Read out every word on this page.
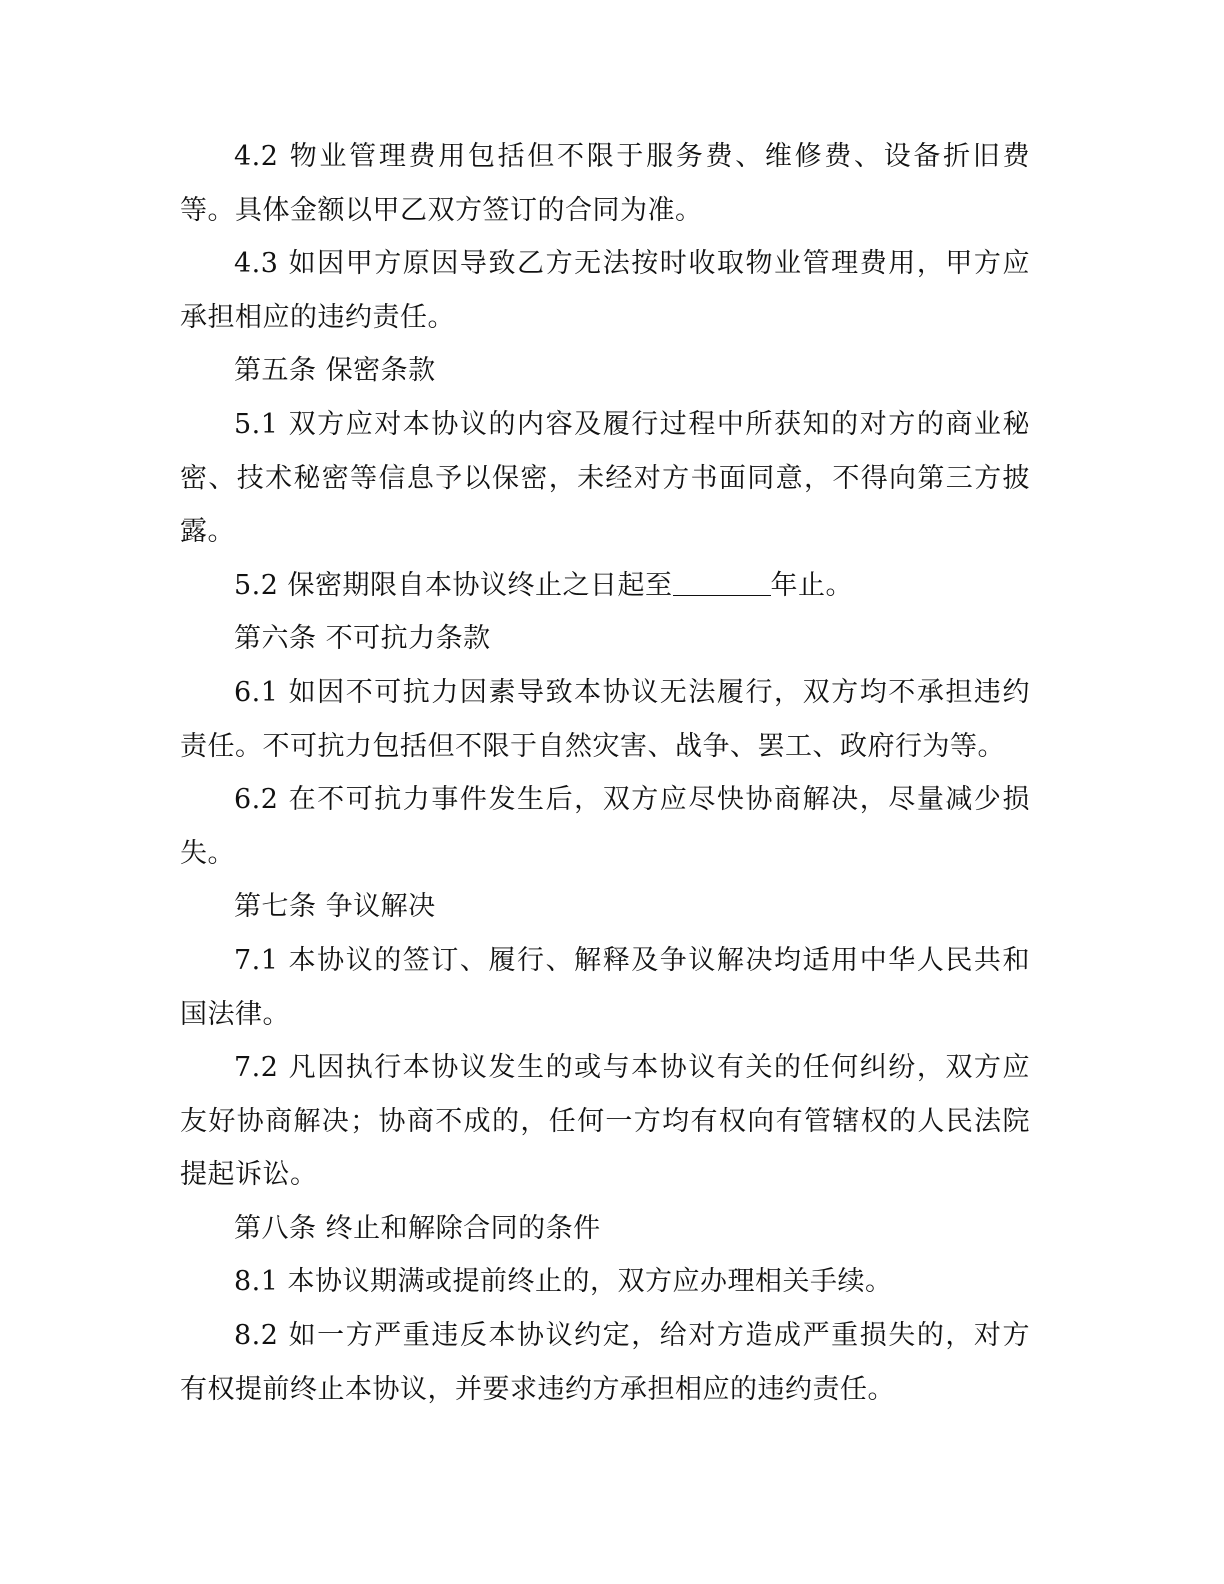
4.2 物业管理费用包括但不限于服务费、维修费、设备折旧费等。具体金额以甲乙双方签订的合同为准。

4.3 如因甲方原因导致乙方无法按时收取物业管理费用，甲方应承担相应的违约责任。

第五条 保密条款

5.1 双方应对本协议的内容及履行过程中所获知的对方的商业秘密、技术秘密等信息予以保密，未经对方书面同意，不得向第三方披露。

5.2 保密期限自本协议终止之日起至	年止。

第六条 不可抗力条款

6.1 如因不可抗力因素导致本协议无法履行，双方均不承担违约责任。不可抗力包括但不限于自然灾害、战争、罢工、政府行为等。

6.2 在不可抗力事件发生后，双方应尽快协商解决，尽量减少损失。

第七条 争议解决

7.1 本协议的签订、履行、解释及争议解决均适用中华人民共和国法律。

7.2 凡因执行本协议发生的或与本协议有关的任何纠纷，双方应友好协商解决；协商不成的，任何一方均有权向有管辖权的人民法院提起诉讼。

第八条 终止和解除合同的条件

8.1 本协议期满或提前终止的，双方应办理相关手续。

8.2 如一方严重违反本协议约定，给对方造成严重损失的，对方有权提前终止本协议，并要求违约方承担相应的违约责任。
